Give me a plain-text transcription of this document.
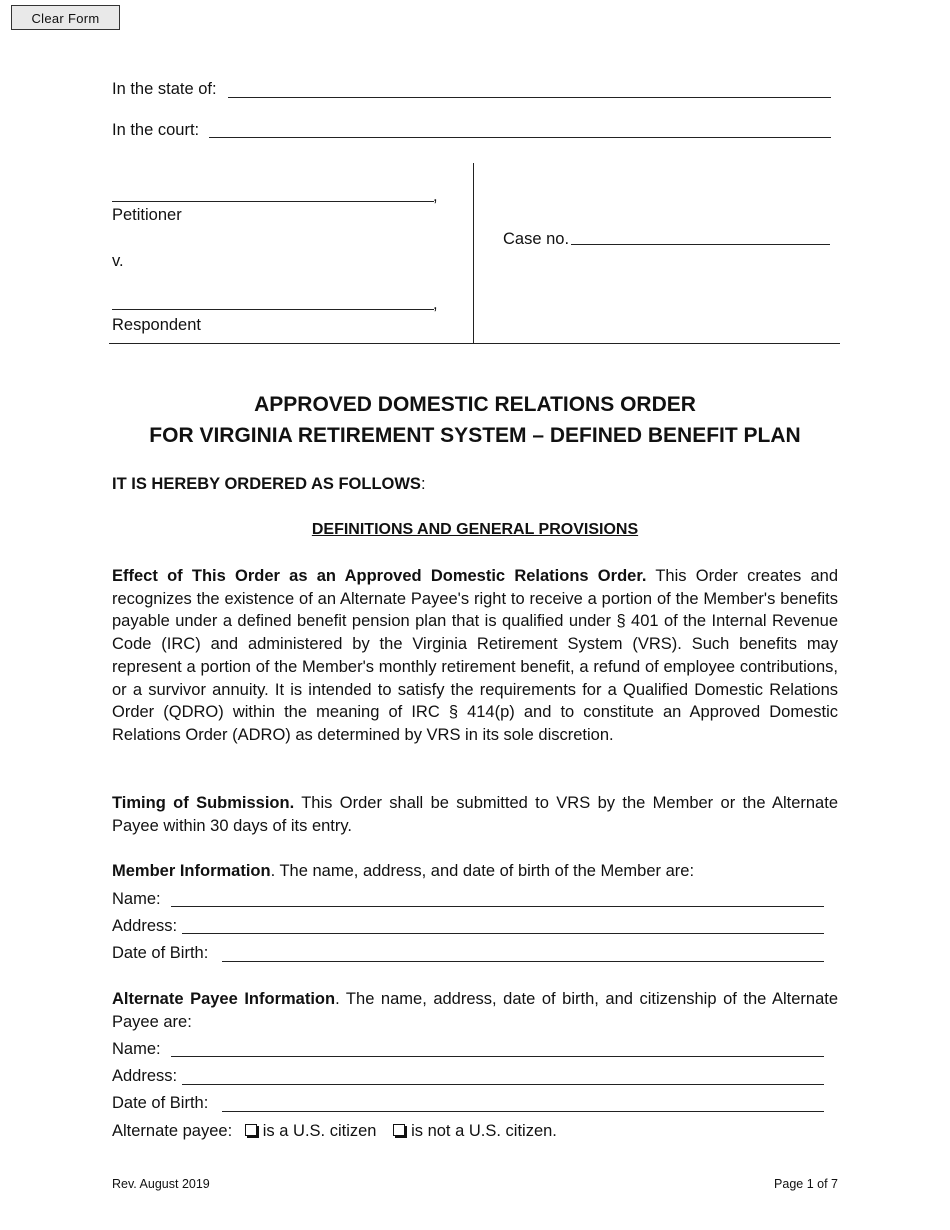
Clear Form
In the state of:
In the court:
,
Petitioner
v.
,
Respondent
Case no.
APPROVED DOMESTIC RELATIONS ORDER
FOR VIRGINIA RETIREMENT SYSTEM – DEFINED BENEFIT PLAN
IT IS HEREBY ORDERED AS FOLLOWS:
DEFINITIONS AND GENERAL PROVISIONS
Effect of This Order as an Approved Domestic Relations Order. This Order creates and recognizes the existence of an Alternate Payee's right to receive a portion of the Member's benefits payable under a defined benefit pension plan that is qualified under § 401 of the Internal Revenue Code (IRC) and administered by the Virginia Retirement System (VRS). Such benefits may represent a portion of the Member's monthly retirement benefit, a refund of employee contributions, or a survivor annuity. It is intended to satisfy the requirements for a Qualified Domestic Relations Order (QDRO) within the meaning of IRC § 414(p) and to constitute an Approved Domestic Relations Order (ADRO) as determined by VRS in its sole discretion.
Timing of Submission. This Order shall be submitted to VRS by the Member or the Alternate Payee within 30 days of its entry.
Member Information. The name, address, and date of birth of the Member are:
Name:
Address:
Date of Birth:
Alternate Payee Information. The name, address, date of birth, and citizenship of the Alternate Payee are:
Name:
Address:
Date of Birth:
Alternate payee: is a U.S. citizen is not a U.S. citizen.
Rev. August 2019	Page 1 of 7
